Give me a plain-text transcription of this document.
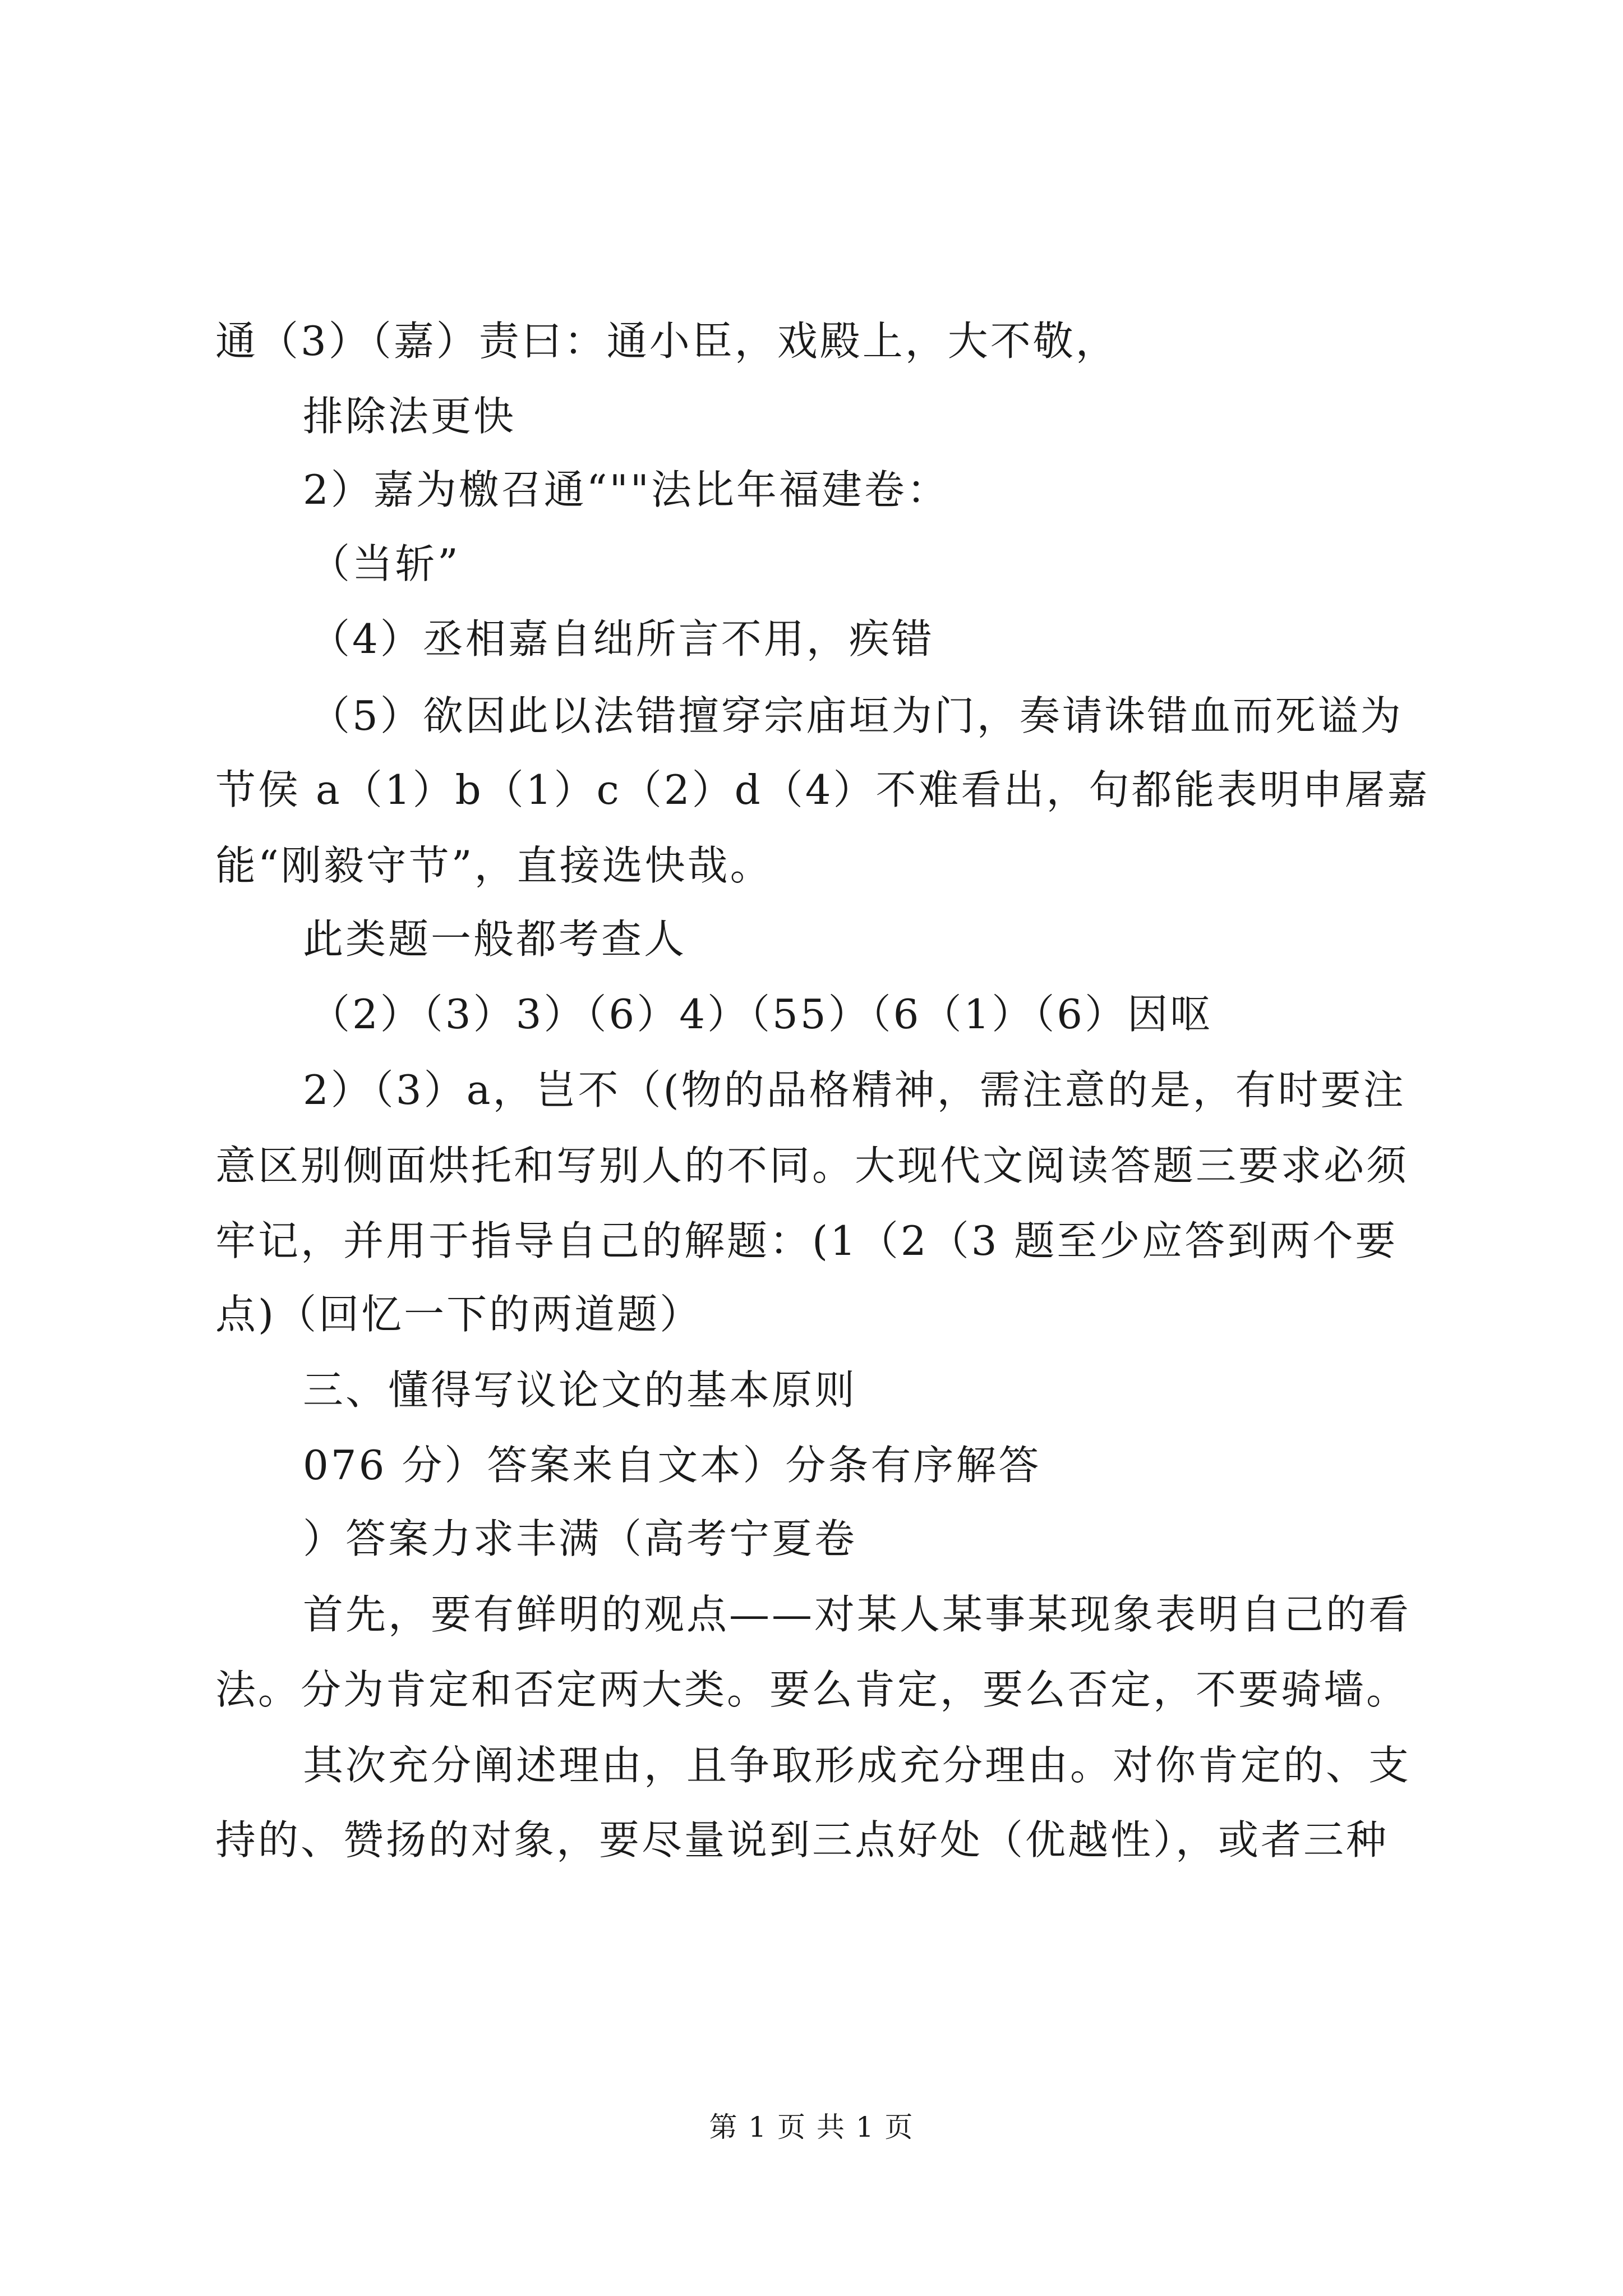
通（3）（嘉）责曰：通小臣，戏殿上，大不敬，
排除法更快
2）嘉为檄召通“""法比年福建卷：
（当斩”
（4）丞相嘉自绌所言不用，疾错
（5）欲因此以法错擅穿宗庙垣为门，奏请诛错血而死谥为
节侯 a（1）b（1）c（2）d（4）不难看出，句都能表明申屠嘉
能“刚毅守节”，直接选快哉。
此类题一般都考查人
（2）（3）3）（6）4）（55）（6（1）（6）因呕
2）（3）a，岂不（(物的品格精神，需注意的是，有时要注
意区别侧面烘托和写别人的不同。大现代文阅读答题三要求必须
牢记，并用于指导自己的解题：(1（2（3 题至少应答到两个要
点)（回忆一下的两道题）
三、懂得写议论文的基本原则
076 分）答案来自文本）分条有序解答
）答案力求丰满（高考宁夏卷
首先，要有鲜明的观点——对某人某事某现象表明自己的看
法。分为肯定和否定两大类。要么肯定，要么否定，不要骑墙。
其次充分阐述理由，且争取形成充分理由。对你肯定的、支
持的、赞扬的对象，要尽量说到三点好处（优越性），或者三种
第 1 页 共 1 页
